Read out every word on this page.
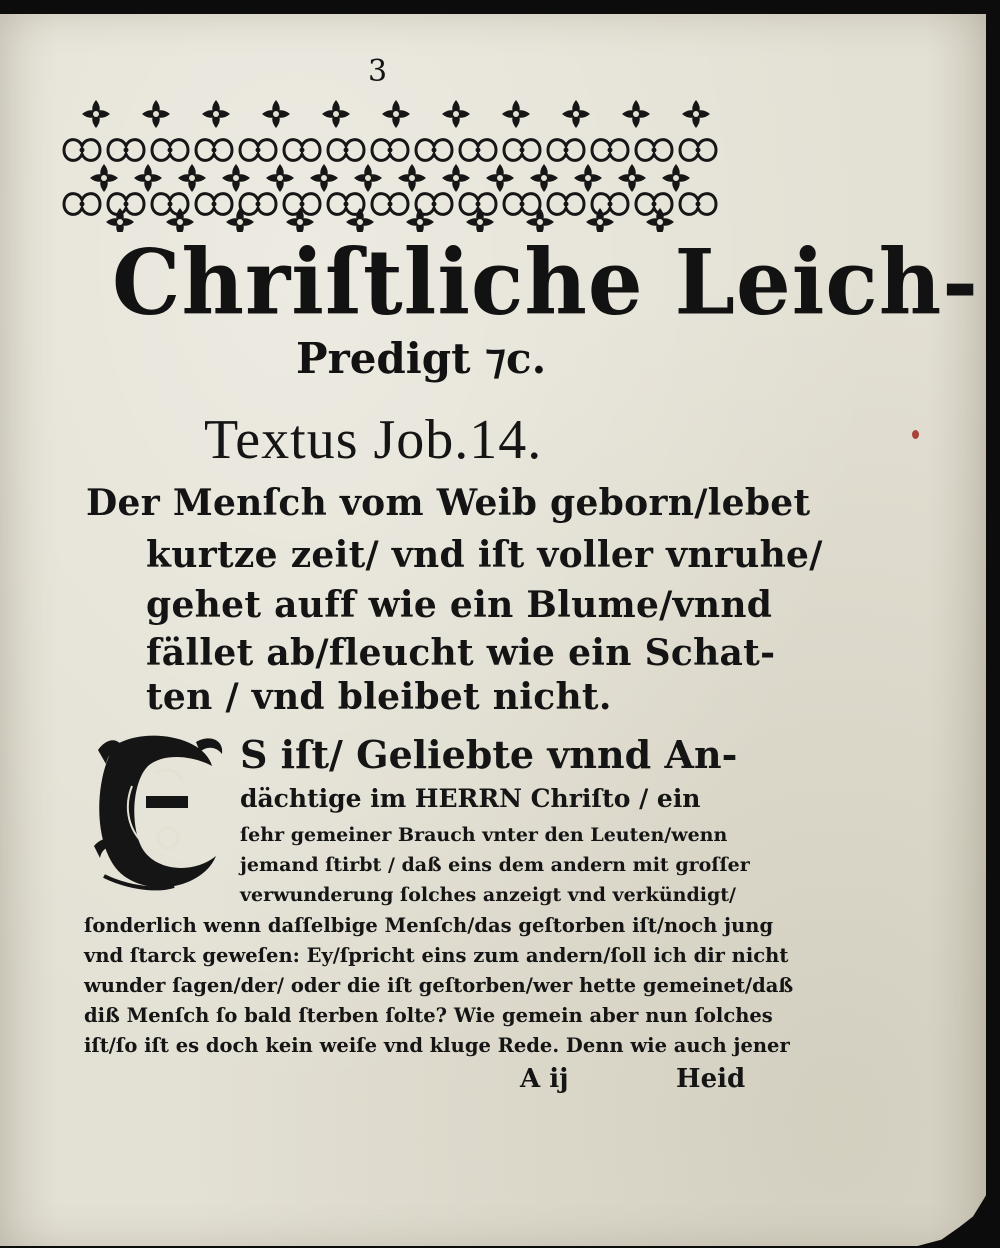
3
Chriſtliche Leich-
Predigt ⁊c.
Textus Job.14.
Der Menſch vom Weib geborn/lebet
kurtze zeit/ vnd iſt voller vnruhe/
gehet auff wie ein Blume/vnnd
fället ab/fleucht wie ein Schat-
ten / vnd bleibet nicht.
S iſt/ Geliebte vnnd An-
dächtige im HERRN Chriſto / ein
ſehr gemeiner Brauch vnter den Leuten/wenn
jemand ſtirbt / daß eins dem andern mit groſſer
verwunderung ſolches anzeigt vnd verkündigt/
ſonderlich wenn daſſelbige Menſch/das geſtorben iſt/noch jung
vnd ſtarck geweſen: Ey/ſpricht eins zum andern/ſoll ich dir nicht
wunder ſagen/der/ oder die iſt geſtorben/wer hette gemeinet/daß
diß Menſch ſo bald ſterben ſolte? Wie gemein aber nun ſolches
iſt/ſo iſt es doch kein weiſe vnd kluge Rede. Denn wie auch jener
A ij	Heid
